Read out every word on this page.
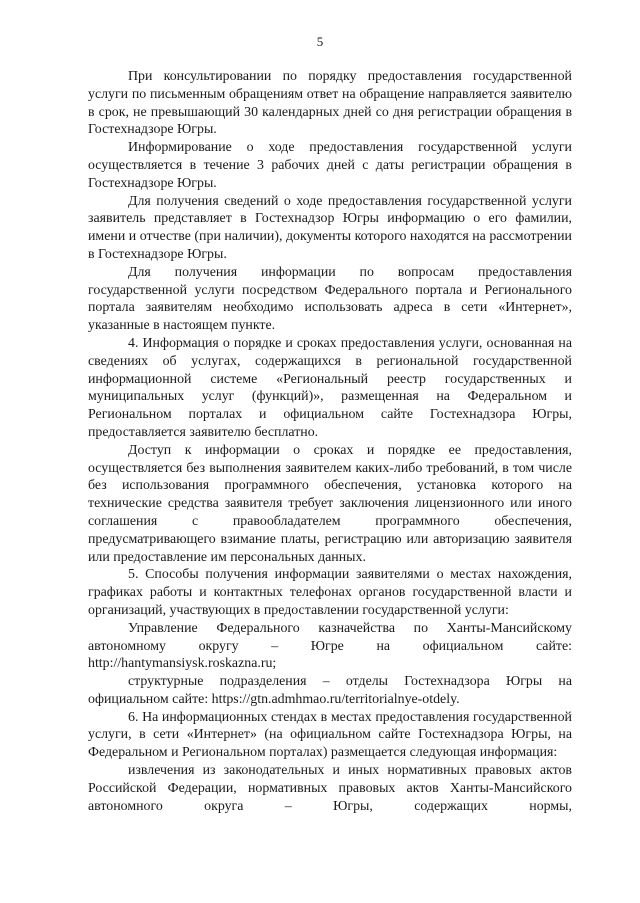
5

При консультировании по порядку предоставления государственной услуги по письменным обращениям ответ на обращение направляется заявителю в срок, не превышающий 30 календарных дней со дня регистрации обращения в Гостехнадзоре Югры.

Информирование о ходе предоставления государственной услуги осуществляется в течение 3 рабочих дней с даты регистрации обращения в Гостехнадзоре Югры.

Для получения сведений о ходе предоставления государственной услуги заявитель представляет в Гостехнадзор Югры информацию о его фамилии, имени и отчестве (при наличии), документы которого находятся на рассмотрении в Гостехнадзоре Югры.

Для получения информации по вопросам предоставления государственной услуги посредством Федерального портала и Регионального портала заявителям необходимо использовать адреса в сети «Интернет», указанные в настоящем пункте.

4. Информация о порядке и сроках предоставления услуги, основанная на сведениях об услугах, содержащихся в региональной государственной информационной системе «Региональный реестр государственных и муниципальных услуг (функций)», размещенная на Федеральном и Региональном порталах и официальном сайте Гостехнадзора Югры, предоставляется заявителю бесплатно.

Доступ к информации о сроках и порядке ее предоставления, осуществляется без выполнения заявителем каких-либо требований, в том числе без использования программного обеспечения, установка которого на технические средства заявителя требует заключения лицензионного или иного соглашения с правообладателем программного обеспечения, предусматривающего взимание платы, регистрацию или авторизацию заявителя или предоставление им персональных данных.

5. Способы получения информации заявителями о местах нахождения, графиках работы и контактных телефонах органов государственной власти и организаций, участвующих в предоставлении государственной услуги:

Управление Федерального казначейства по Ханты-Мансийскому автономному округу – Югре на официальном сайте: http://hantymansiysk.roskazna.ru;

структурные подразделения – отделы Гостехнадзора Югры на официальном сайте: https://gtn.admhmao.ru/territorialnye-otdely.

6. На информационных стендах в местах предоставления государственной услуги, в сети «Интернет» (на официальном сайте Гостехнадзора Югры, на Федеральном и Региональном порталах) размещается следующая информация:

извлечения из законодательных и иных нормативных правовых актов Российской Федерации, нормативных правовых актов Ханты-Мансийского автономного округа – Югры, содержащих нормы,
